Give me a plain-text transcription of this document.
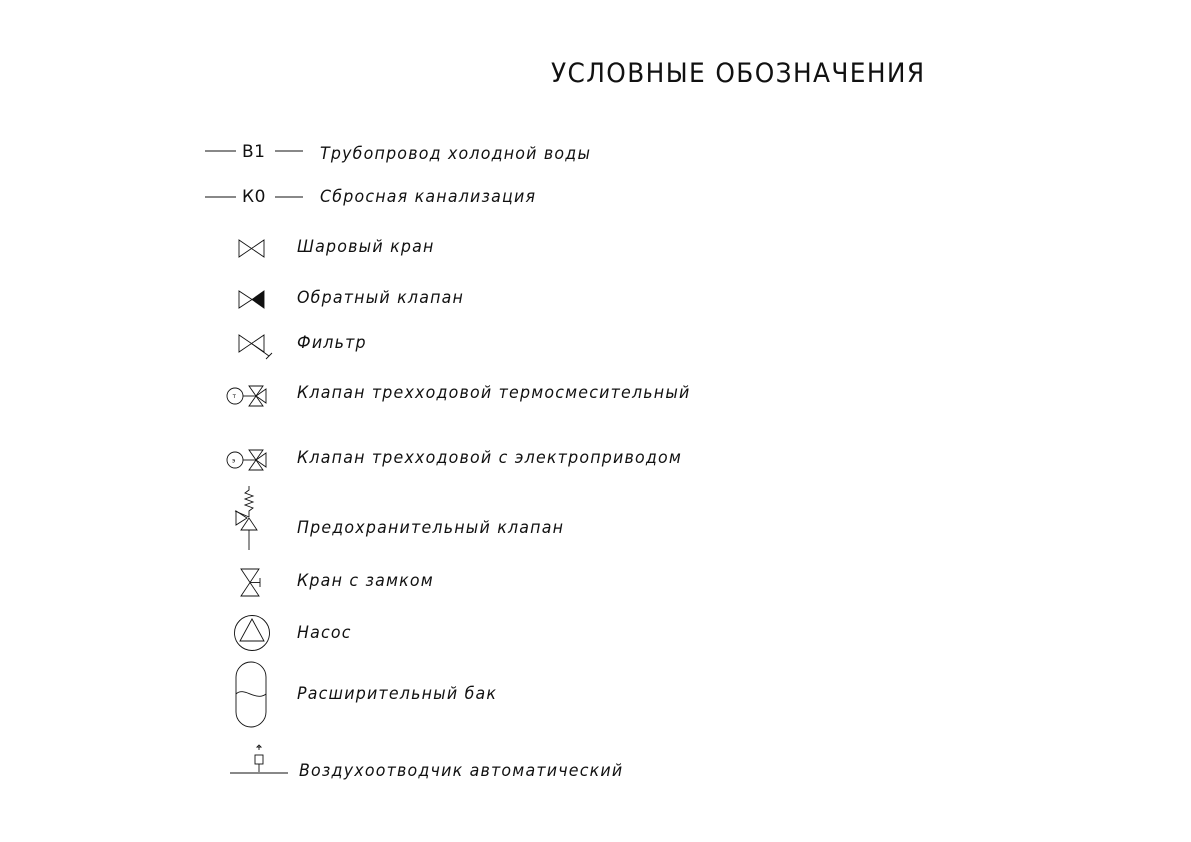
УСЛОВНЫЕ ОБОЗНАЧЕНИЯ
В1	Трубопровод холодной воды
К0	Сбросная канализация
Шаровый кран
Обратный клапан
Фильтр
т	Клапан трехходовой термосмесительный
э	Клапан трехходовой с электроприводом
Предохранительный клапан
Кран с замком
Насос
Расширительный бак
Воздухоотводчик автоматический
